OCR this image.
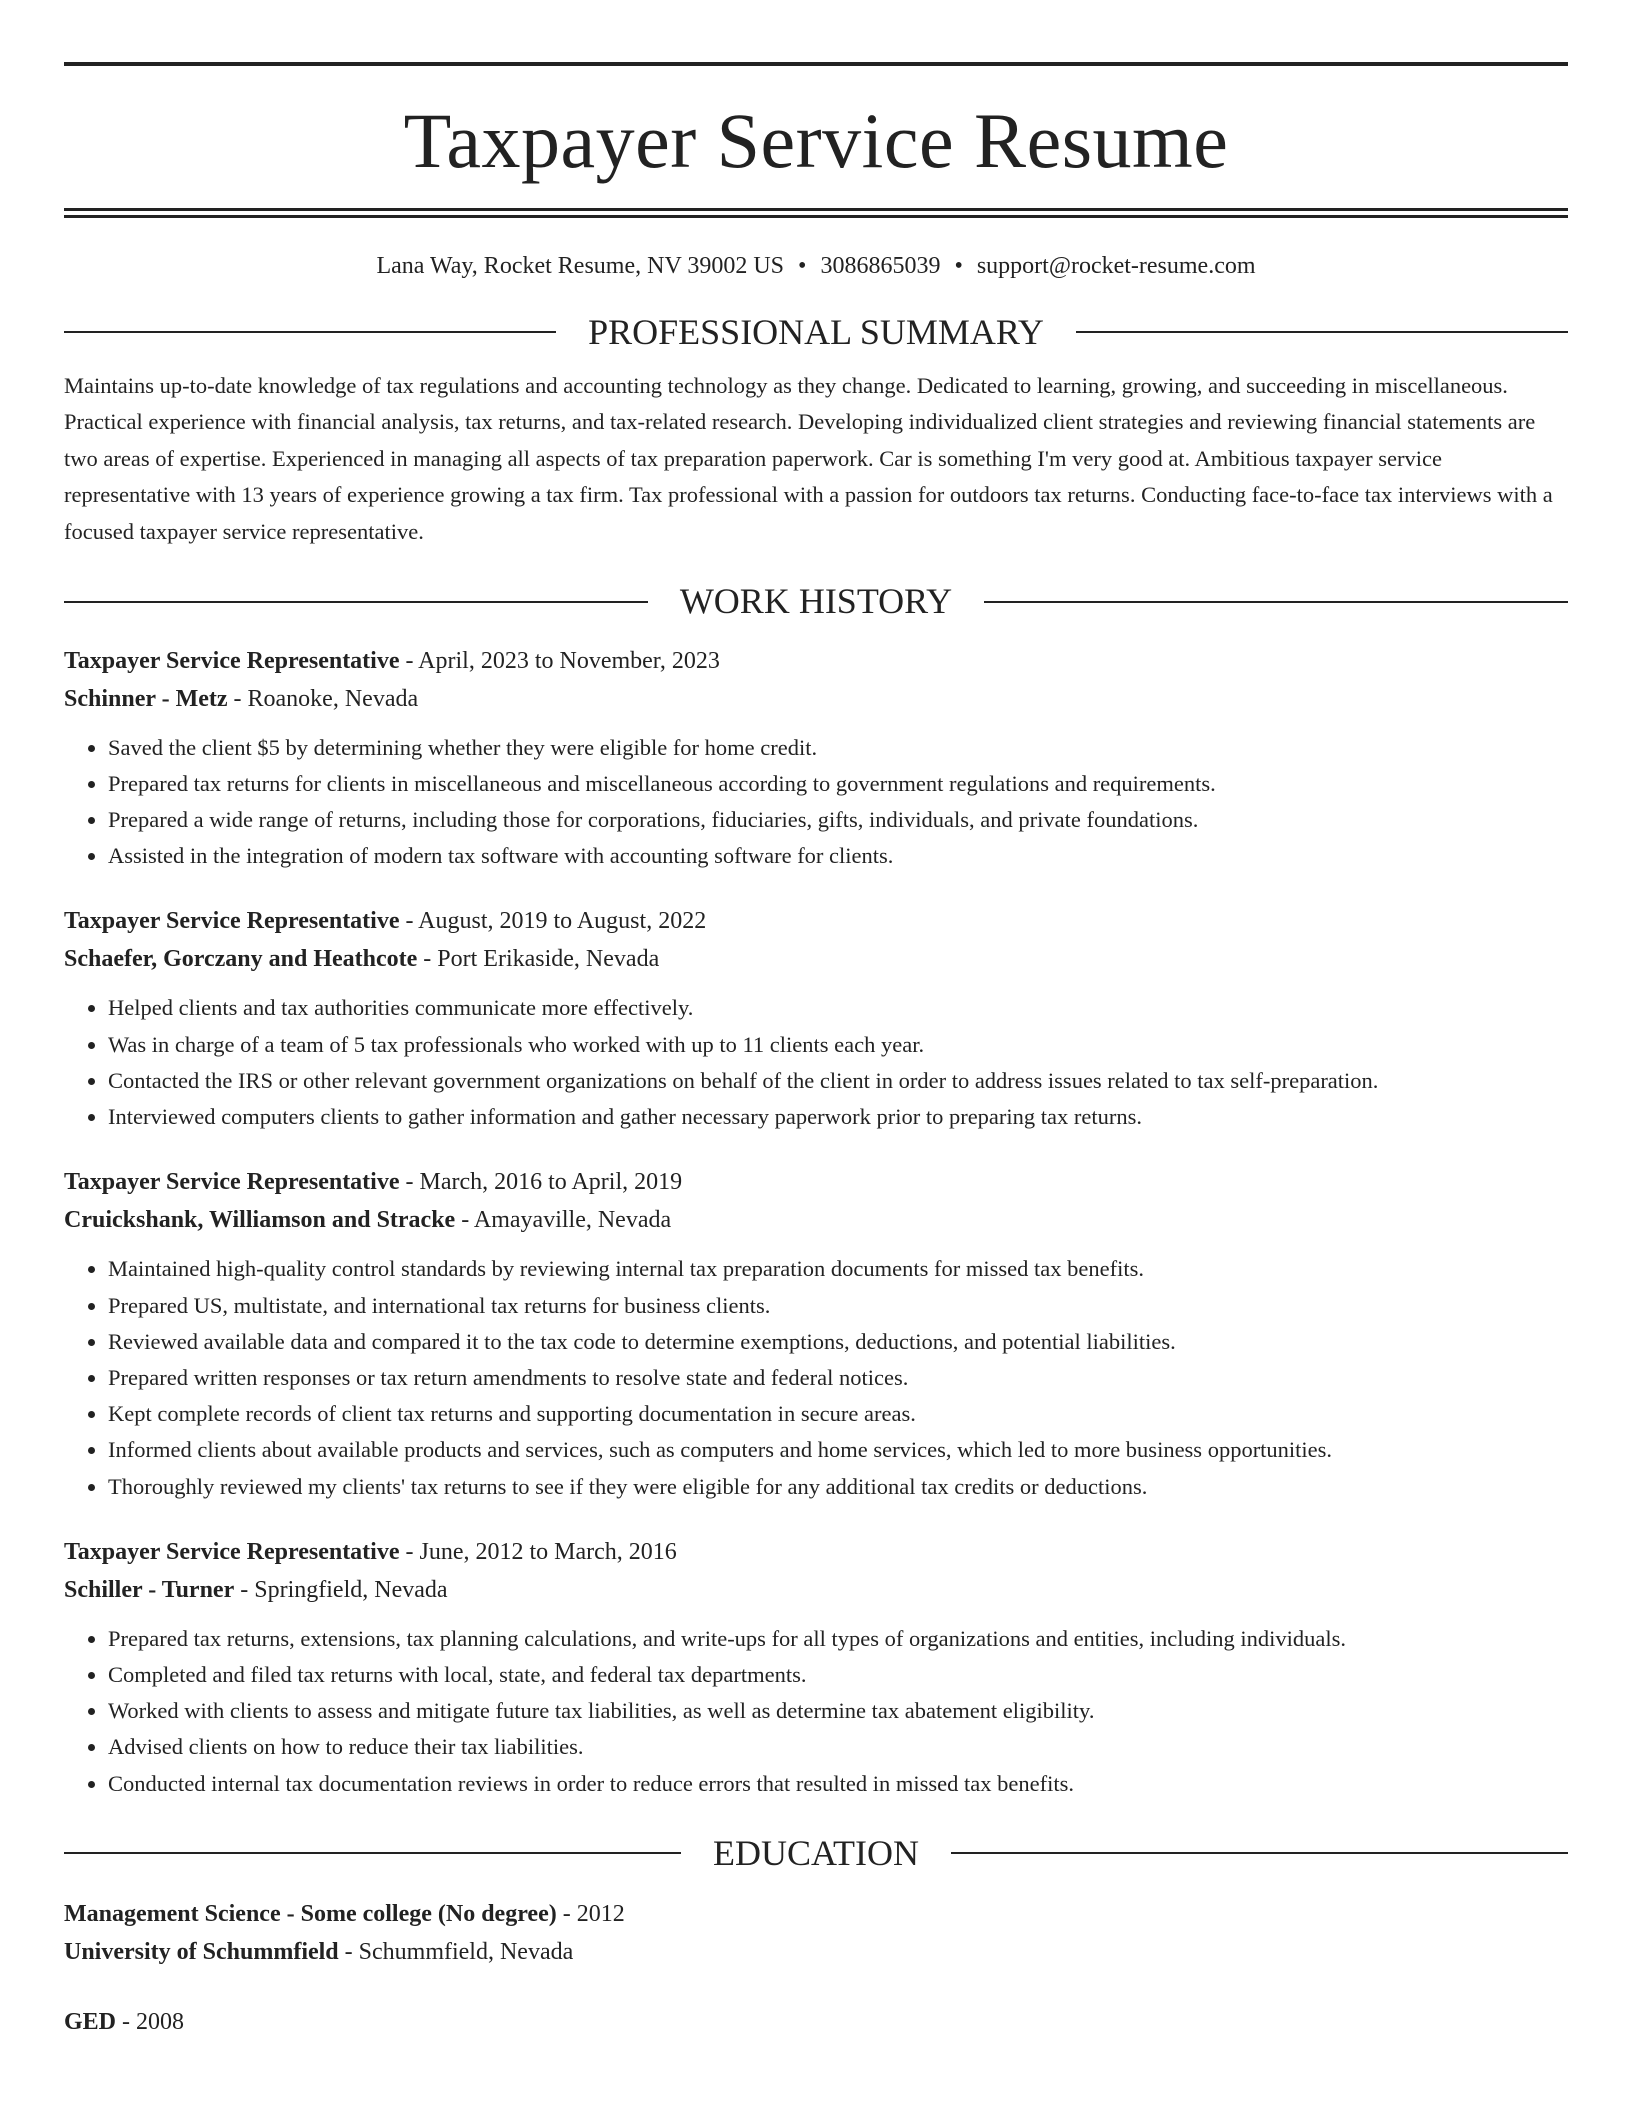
Taxpayer Service Resume
Lana Way, Rocket Resume, NV 39002 US • 3086865039 • support@rocket-resume.com
PROFESSIONAL SUMMARY

Maintains up-to-date knowledge of tax regulations and accounting technology as they change. Dedicated to learning, growing, and succeeding in miscellaneous. Practical experience with financial analysis, tax returns, and tax-related research. Developing individualized client strategies and reviewing financial statements are two areas of expertise. Experienced in managing all aspects of tax preparation paperwork. Car is something I'm very good at. Ambitious taxpayer service representative with 13 years of experience growing a tax firm. Tax professional with a passion for outdoors tax returns. Conducting face-to-face tax interviews with a focused taxpayer service representative.

WORK HISTORY
Taxpayer Service Representative - April, 2023 to November, 2023
Schinner - Metz - Roanoke, Nevada
• Saved the client $5 by determining whether they were eligible for home credit.
• Prepared tax returns for clients in miscellaneous and miscellaneous according to government regulations and requirements.
• Prepared a wide range of returns, including those for corporations, fiduciaries, gifts, individuals, and private foundations.
• Assisted in the integration of modern tax software with accounting software for clients.
Taxpayer Service Representative - August, 2019 to August, 2022
Schaefer, Gorczany and Heathcote - Port Erikaside, Nevada
• Helped clients and tax authorities communicate more effectively.
• Was in charge of a team of 5 tax professionals who worked with up to 11 clients each year.
• Contacted the IRS or other relevant government organizations on behalf of the client in order to address issues related to tax self-preparation.
• Interviewed computers clients to gather information and gather necessary paperwork prior to preparing tax returns.
Taxpayer Service Representative - March, 2016 to April, 2019
Cruickshank, Williamson and Stracke - Amayaville, Nevada
• Maintained high-quality control standards by reviewing internal tax preparation documents for missed tax benefits.
• Prepared US, multistate, and international tax returns for business clients.
• Reviewed available data and compared it to the tax code to determine exemptions, deductions, and potential liabilities.
• Prepared written responses or tax return amendments to resolve state and federal notices.
• Kept complete records of client tax returns and supporting documentation in secure areas.
• Informed clients about available products and services, such as computers and home services, which led to more business opportunities.
• Thoroughly reviewed my clients' tax returns to see if they were eligible for any additional tax credits or deductions.
Taxpayer Service Representative - June, 2012 to March, 2016
Schiller - Turner - Springfield, Nevada
• Prepared tax returns, extensions, tax planning calculations, and write-ups for all types of organizations and entities, including individuals.
• Completed and filed tax returns with local, state, and federal tax departments.
• Worked with clients to assess and mitigate future tax liabilities, as well as determine tax abatement eligibility.
• Advised clients on how to reduce their tax liabilities.
• Conducted internal tax documentation reviews in order to reduce errors that resulted in missed tax benefits.
EDUCATION
Management Science - Some college (No degree) - 2012
University of Schummfield - Schummfield, Nevada
GED - 2008
